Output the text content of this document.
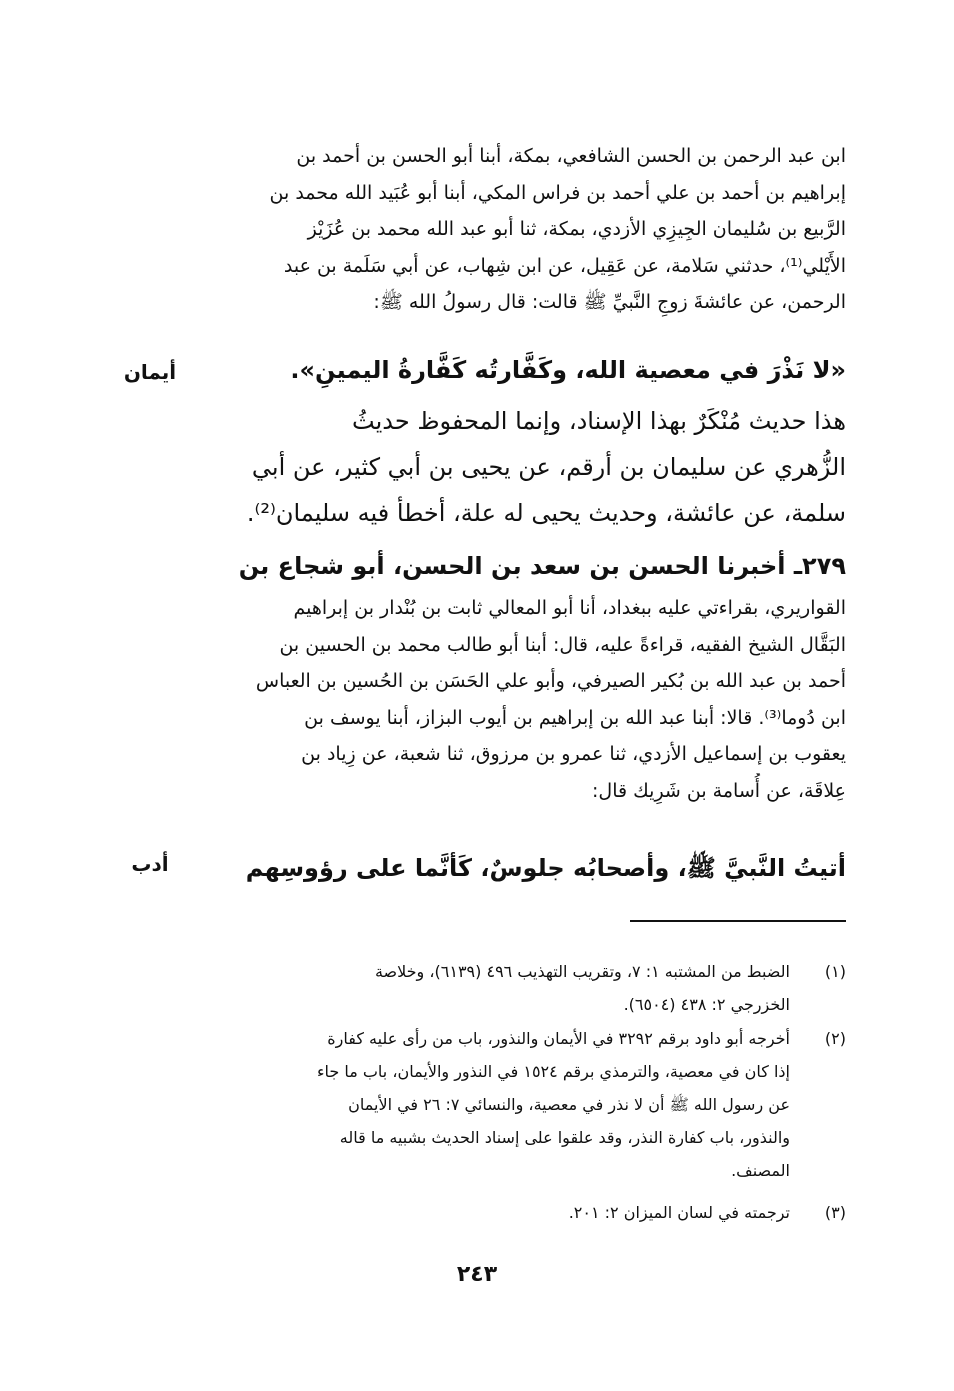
ابن عبد الرحمن بن الحسن الشافعي، بمكة، أبنا أبو الحسن بن أحمد بن
إبراهيم بن أحمد بن علي أحمد بن فراس المكي، أبنا أبو عُبَيد الله محمد بن
الرَّبيع بن سُليمان الجِيزِي الأزدي، بمكة، ثنا أبو عبد الله محمد بن عُزَيْز
الأَيْلي⁽¹⁾، حدثني سَلامة، عن عَقِيل، عن ابن شِهاب، عن أبي سَلَمة بن عبد
الرحمن، عن عائشةَ زوجِ النَّبيِّ ﷺ قالت: قال رسولُ الله ﷺ:
«لا نَذْرَ في معصية الله، وكَفَّارتُه كَفَّارةُ اليمينِ».
أيمان
هذا حديث مُنْكَرٌ بهذا الإسناد، وإنما المحفوظ حديثُ
الزُّهري عن سليمان بن أرقم، عن يحيى بن أبي كثير، عن أبي
سلمة، عن عائشة، وحديث يحيى له علة، أخطأ فيه سليمان⁽²⁾.
٢٧٩ـ أخبرنا الحسن بن سعد بن الحسن، أبو شجاع بن
القواريري، بقراءتي عليه ببغداد، أنا أبو المعالي ثابت بن بُنْدار بن إبراهيم
البَقَّال الشيخ الفقيه، قراءةً عليه، قال: أبنا أبو طالب محمد بن الحسين بن
أحمد بن عبد الله بن بُكير الصيرفي، وأبو علي الحَسَن بن الحُسين بن العباس
ابن دُوما⁽³⁾. قالا: أبنا عبد الله بن إبراهيم بن أيوب البزاز، أبنا يوسف بن
يعقوب بن إسماعيل الأزدي، ثنا عمرو بن مرزوق، ثنا شعبة، عن زِياد بن
عِلاقَة، عن أُسامة بن شَرِيك قال:
أتيتُ النَّبيَّ ﷺ، وأصحابُه جلوسٌ، كَأنَّما على رؤوسِهم
أدب
(١)
الضبط من المشتبه ١: ٧، وتقريب التهذيب ٤٩٦ (٦١٣٩)، وخلاصة
الخزرجي ٢: ٤٣٨ (٦٥٠٤).
(٢)
أخرجه أبو داود برقم ٣٢٩٢ في الأيمان والنذور، باب من رأى عليه كفارة
إذا كان في معصية، والترمذي برقم ١٥٢٤ في النذور والأيمان، باب ما جاء
عن رسول الله ﷺ أن لا نذر في معصية، والنسائي ٧: ٢٦ في الأيمان
والنذور، باب كفارة النذر، وقد علقوا على إسناد الحديث بشبيه ما قاله
المصنف.
(٣)
ترجمته في لسان الميزان ٢: ٢٠١.
٢٤٣
